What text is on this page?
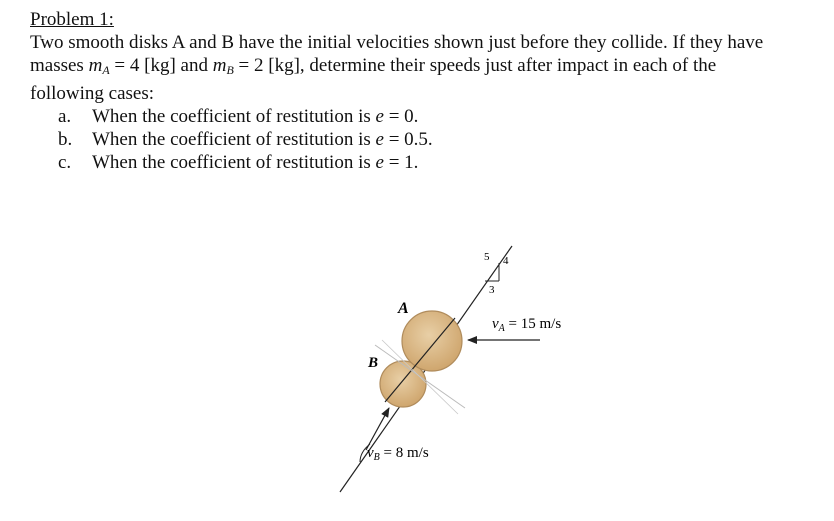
Problem 1:

Two smooth disks A and B have the initial velocities shown just before they collide. If they have
masses $m_A = 4$ [kg] and $m_B = 2$ [kg], determine their speeds just after impact in each of the
following cases:

a. When the coefficient of restitution is e = 0.
b. When the coefficient of restitution is e = 0.5.
c. When the coefficient of restitution is e = 1.
A
B
5 4
3
$v_A = 15$ m/s
$v_B = 8$ m/s
